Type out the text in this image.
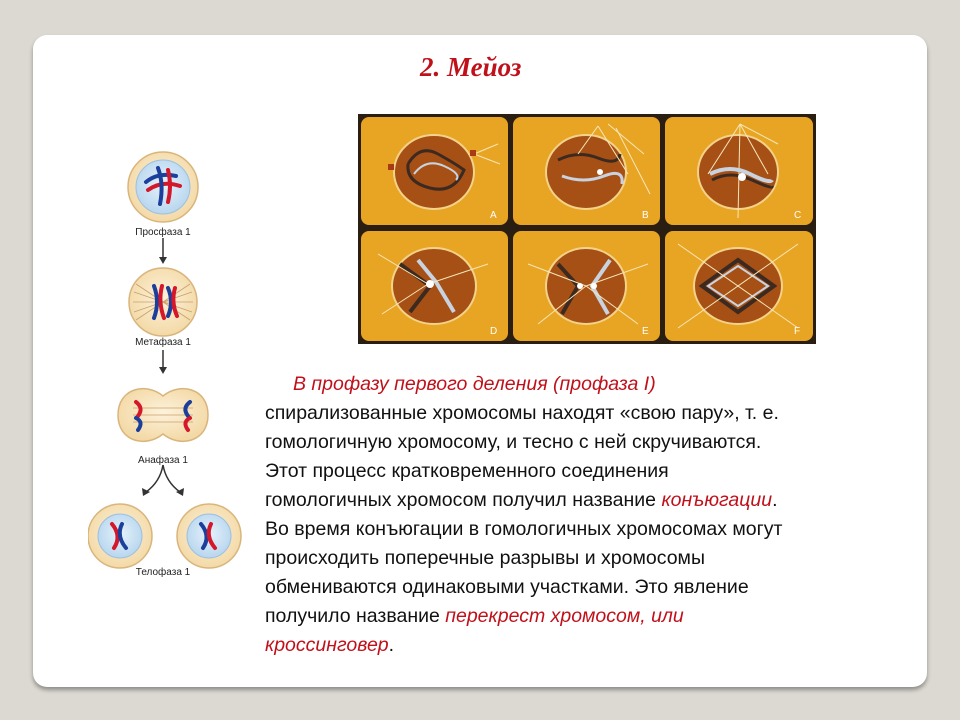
2. Мейоз
Просфаза 1
Метафаза 1
Анафаза 1
Телофаза 1
A	B	C
D	E	F

В профазу первого деления (профаза I)

спирализованные хромосомы находят «свою пару», т. е.

гомологичную хромосому, и тесно с ней скручиваются.

Этот процесс кратковременного соединения

гомологичных хромосом получил название конъюгации.

Во время конъюгации в гомологичных хромосомах могут

происходить поперечные разрывы и хромосомы

обмениваются одинаковыми участками. Это явление

получило название перекрест хромосом, или

кроссинговер.
